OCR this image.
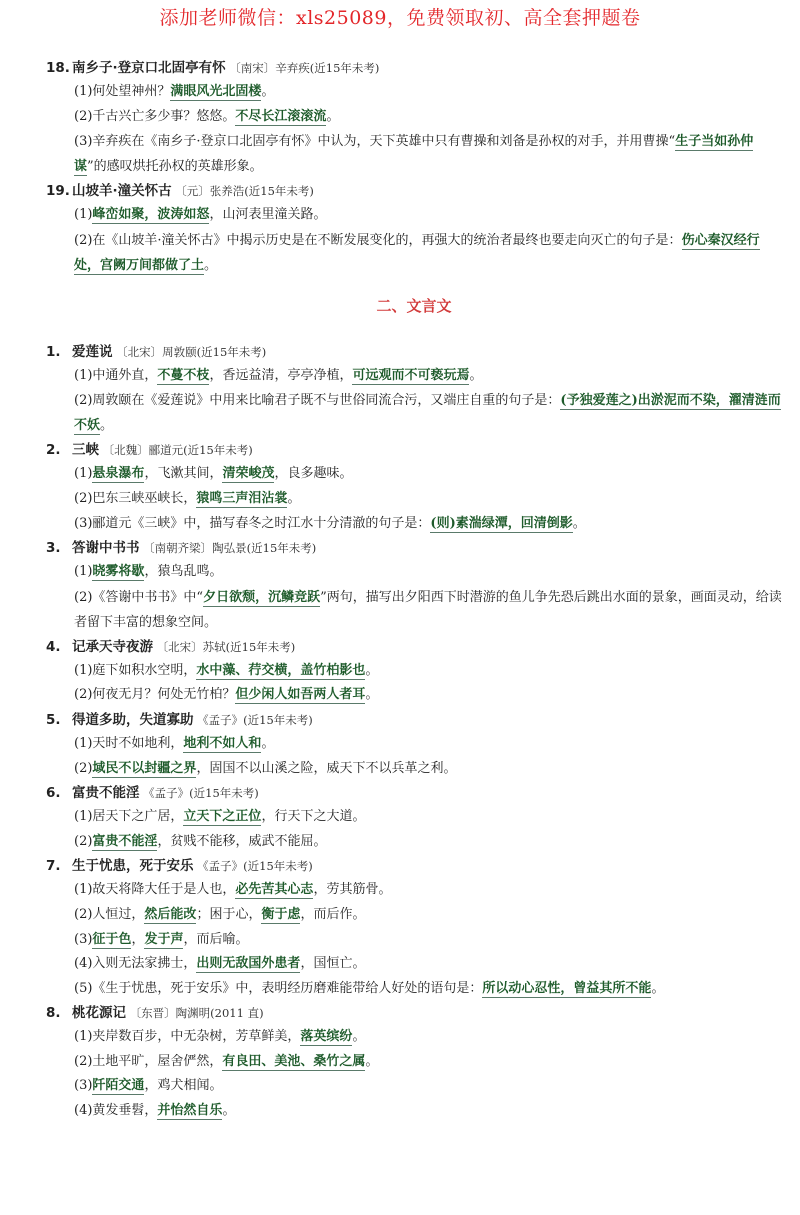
添加老师微信：xls25089，免费领取初、高全套押题卷
18. 南乡子·登京口北固亭有怀 〔南宋〕辛弃疾(近15年未考)
(1)何处望神州？满眼风光北固楼。
(2)千古兴亡多少事？悠悠。不尽长江滚滚流。
(3)辛弃疾在《南乡子·登京口北固亭有怀》中认为，天下英雄中只有曹操和刘备是孙权的对手，并用曹操“生子当如孙仲谋”的感叹烘托孙权的英雄形象。
19. 山坡羊·潼关怀古 〔元〕张养浩(近15年未考)
(1)峰峦如聚，波涛如怒，山河表里潼关路。
(2)在《山坡羊·潼关怀古》中揭示历史是在不断发展变化的，再强大的统治者最终也要走向灭亡的句子是：伤心秦汉经行处，宫阙万间都做了土。
二、文言文
1. 爱莲说 〔北宋〕周敦颐(近15年未考)
(1)中通外直，不蔓不枝，香远益清，亭亭净植，可远观而不可亵玩焉。
(2)周敦颐在《爱莲说》中用来比喻君子既不与世俗同流合污，又端庄自重的句子是：(予独爱莲之)出淤泥而不染，濯清涟而不妖。
2. 三峡 〔北魏〕郦道元(近15年未考)
(1)悬泉瀑布，飞漱其间，清荣峻茂，良多趣味。
(2)巴东三峡巫峡长，猿鸣三声泪沾裳。
(3)郦道元《三峡》中，描写春冬之时江水十分清澈的句子是：(则)素湍绿潭，回清倒影。
3. 答谢中书书 〔南朝齐梁〕陶弘景(近15年未考)
(1)晓雾将歇，猿鸟乱鸣。
(2)《答谢中书书》中“夕日欲颓，沉鳞竞跃”两句，描写出夕阳西下时潜游的鱼儿争先恐后跳出水面的景象，画面灵动，给读者留下丰富的想象空间。
4. 记承天寺夜游 〔北宋〕苏轼(近15年未考)
(1)庭下如积水空明，水中藻、荇交横，盖竹柏影也。
(2)何夜无月？何处无竹柏？但少闲人如吾两人者耳。
5. 得道多助，失道寡助 《孟子》(近15年未考)
(1)天时不如地利，地利不如人和。
(2)域民不以封疆之界，固国不以山溪之险，威天下不以兵革之利。
6. 富贵不能淫 《孟子》(近15年未考)
(1)居天下之广居，立天下之正位，行天下之大道。
(2)富贵不能淫，贫贱不能移，威武不能屈。
7. 生于忧患，死于安乐 《孟子》(近15年未考)
(1)故天将降大任于是人也，必先苦其心志，劳其筋骨。
(2)人恒过，然后能改；困于心，衡于虑，而后作。
(3)征于色，发于声，而后喻。
(4)入则无法家拂士，出则无敌国外患者，国恒亡。
(5)《生于忧患，死于安乐》中，表明经历磨难能带给人好处的语句是：所以动心忍性，曾益其所不能。
8. 桃花源记 〔东晋〕陶渊明(2011 直)
(1)夹岸数百步，中无杂树，芳草鲜美，落英缤纷。
(2)土地平旷，屋舍俨然，有良田、美池、桑竹之属。
(3)阡陌交通，鸡犬相闻。
(4)黄发垂髫，并怡然自乐。
